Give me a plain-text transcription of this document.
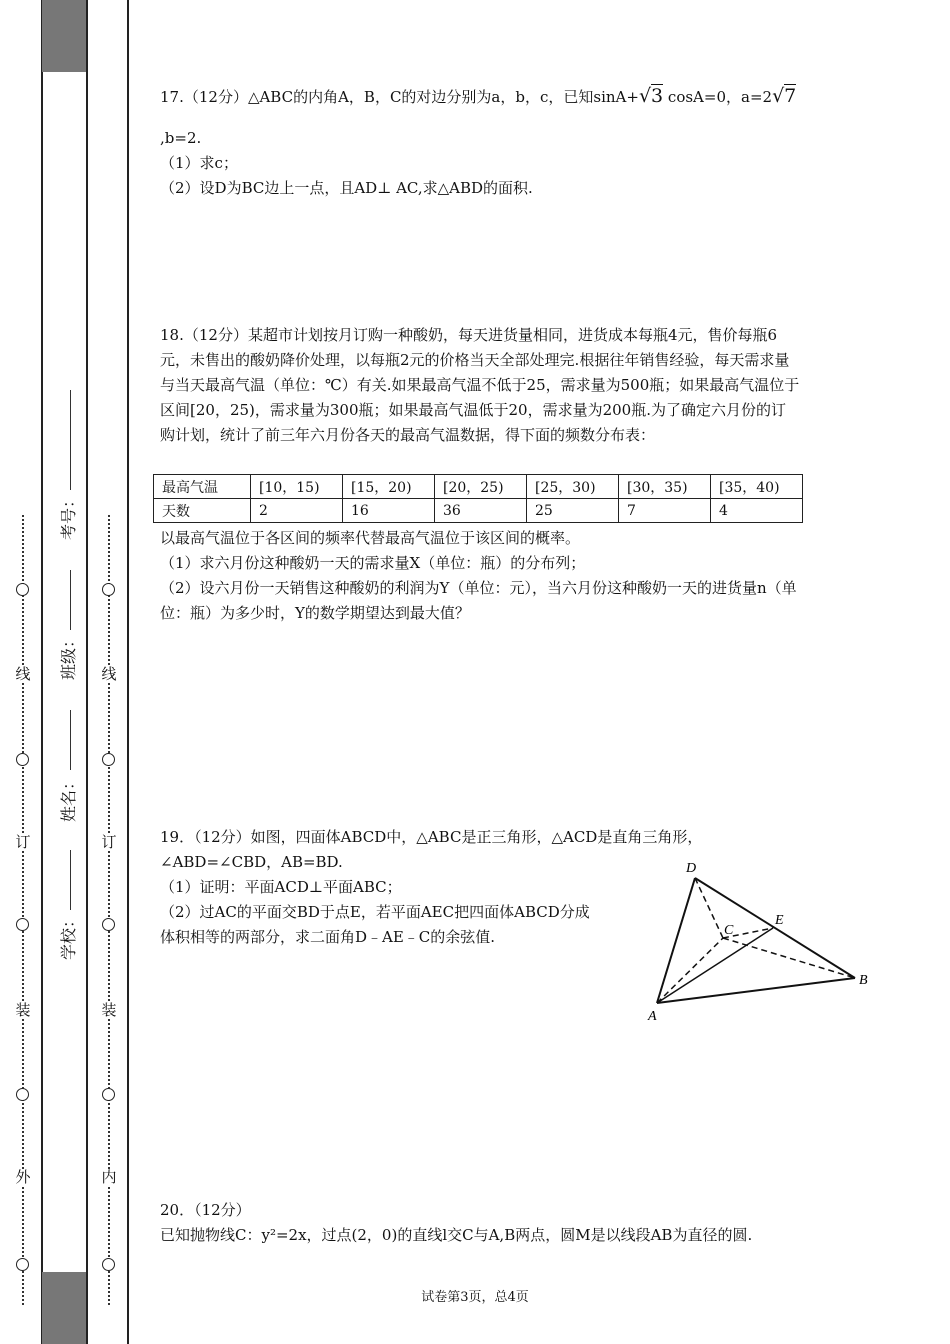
线
订
装
外
线
订
装
内
学校：
姓名：
班级：
考号：
17.（12分）△ABC的内角A，B，C的对边分别为a，b，c，已知sinA+√3 cosA=0，a=2√7
,b=2.
（1）求c；
（2）设D为BC边上一点，且AD⊥ AC,求△ABD的面积.
18.（12分）某超市计划按月订购一种酸奶，每天进货量相同，进货成本每瓶4元，售价每瓶6元，未售出的酸奶降价处理，以每瓶2元的价格当天全部处理完.根据往年销售经验，每天需求量与当天最高气温（单位：℃）有关.如果最高气温不低于25，需求量为500瓶；如果最高气温位于区间[20，25)，需求量为300瓶；如果最高气温低于20，需求量为200瓶.为了确定六月份的订购计划，统计了前三年六月份各天的最高气温数据，得下面的频数分布表：
最高气温	[10，15)	[15，20)	[20，25)	[25，30)	[30，35)	[35，40)
天数	2	16	36	25	7	4
以最高气温位于各区间的频率代替最高气温位于该区间的概率。
（1）求六月份这种酸奶一天的需求量X（单位：瓶）的分布列；
（2）设六月份一天销售这种酸奶的利润为Y（单位：元），当六月份这种酸奶一天的进货量n（单位：瓶）为多少时，Y的数学期望达到最大值？
19．（12分）如图，四面体ABCD中，△ABC是正三角形，△ACD是直角三角形，
∠ABD=∠CBD，AB=BD.
（1）证明：平面ACD⊥平面ABC；
（2）过AC的平面交BD于点E，若平面AEC把四面体ABCD分成
体积相等的两部分，求二面角D﹣AE﹣C的余弦值.
D
C
E
B
A
20．（12分）
已知抛物线C：y²=2x，过点(2，0)的直线l交C与A,B两点，圆M是以线段AB为直径的圆.
试卷第3页，总4页
